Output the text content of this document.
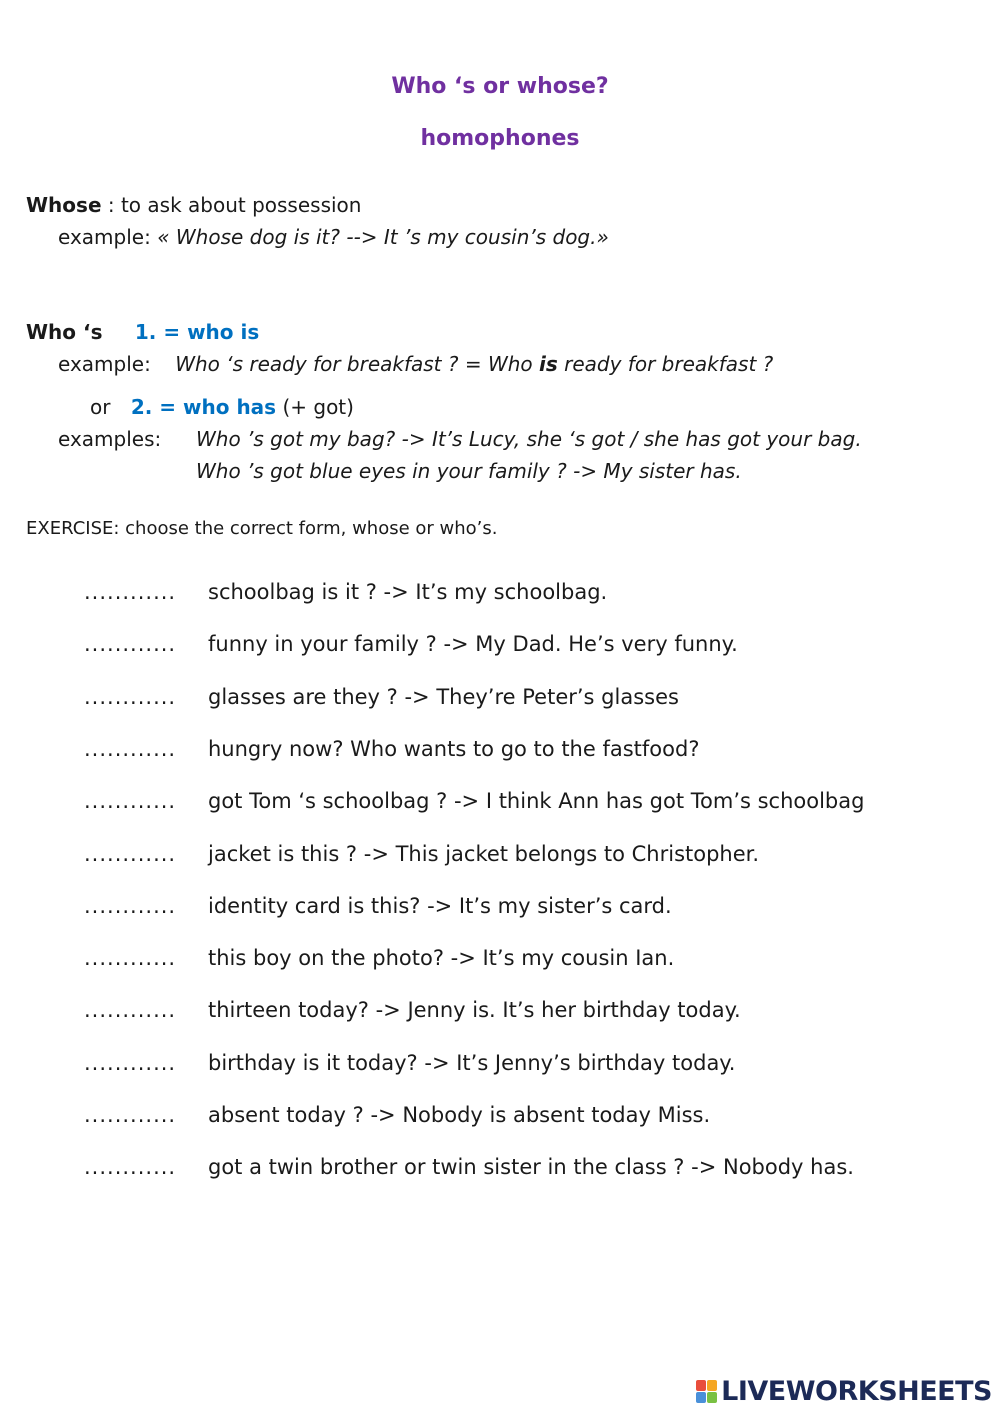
Who ‘s or whose?
homophones
Whose : to ask about possession
example: « Whose dog is it? --> It ’s my cousin’s dog.»
Who ‘s 1. = who is
example: Who ‘s ready for breakfast ? = Who is ready for breakfast ?
or 2. = who has (+ got)
examples: Who ’s got my bag? -> It’s Lucy, she ‘s got / she has got your bag.
Who ’s got blue eyes in your family ? -> My sister has.
EXERCISE: choose the correct form, whose or who’s.
............ schoolbag is it ? -> It’s my schoolbag.
............ funny in your family ? -> My Dad. He’s very funny.
............ glasses are they ? -> They’re Peter’s glasses
............ hungry now? Who wants to go to the fastfood?
............ got Tom ‘s schoolbag ? -> I think Ann has got Tom’s schoolbag
............ jacket is this ? -> This jacket belongs to Christopher.
............ identity card is this? -> It’s my sister’s card.
............ this boy on the photo? -> It’s my cousin Ian.
............ thirteen today? -> Jenny is. It’s her birthday today.
............ birthday is it today? -> It’s Jenny’s birthday today.
............ absent today ? -> Nobody is absent today Miss.
............ got a twin brother or twin sister in the class ? -> Nobody has.
LIVEWORKSHEETS
